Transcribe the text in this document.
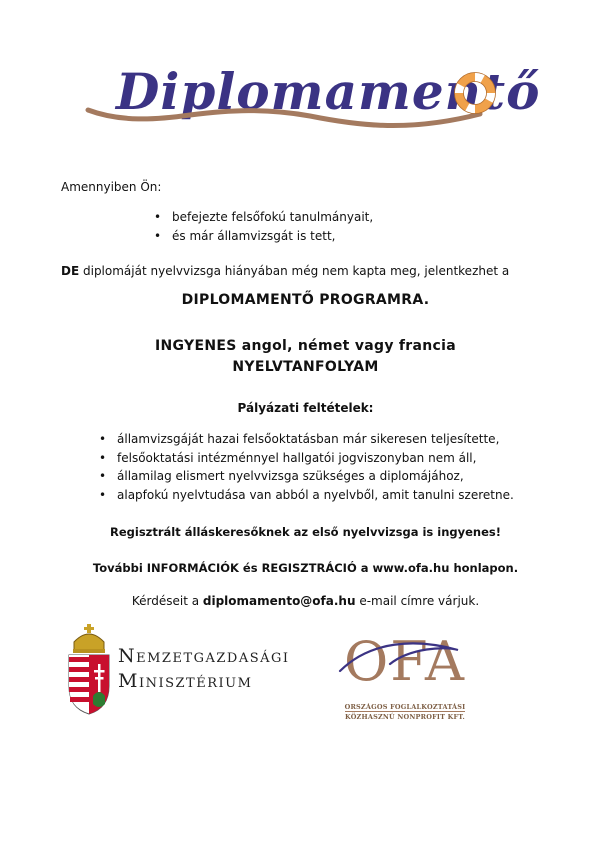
Diplomamentő
Amennyiben Ön:
• befejezte felsőfokú tanulmányait,
• és már államvizsgát is tett,
DE diplomáját nyelvvizsga hiányában még nem kapta meg, jelentkezhet a
DIPLOMAMENTŐ PROGRAMRA.
INGYENES angol, német vagy francia
NYELVTANFOLYAM
Pályázati feltételek:
• államvizsgáját hazai felsőoktatásban már sikeresen teljesítette,
• felsőoktatási intézménnyel hallgatói jogviszonyban nem áll,
• államilag elismert nyelvvizsga szükséges a diplomájához,
• alapfokú nyelvtudása van abból a nyelvből, amit tanulni szeretne.
Regisztrált álláskeresőknek az első nyelvvizsga is ingyenes!
További INFORMÁCIÓK és REGISZTRÁCIÓ a www.ofa.hu honlapon.
Kérdéseit a diplomamento@ofa.hu e-mail címre várjuk.
Nemzetgazdasági
Minisztérium	OFA
ORSZÁGOS FOGLALKOZTATÁSI
KÖZHASZNÚ NONPROFIT KFT.
